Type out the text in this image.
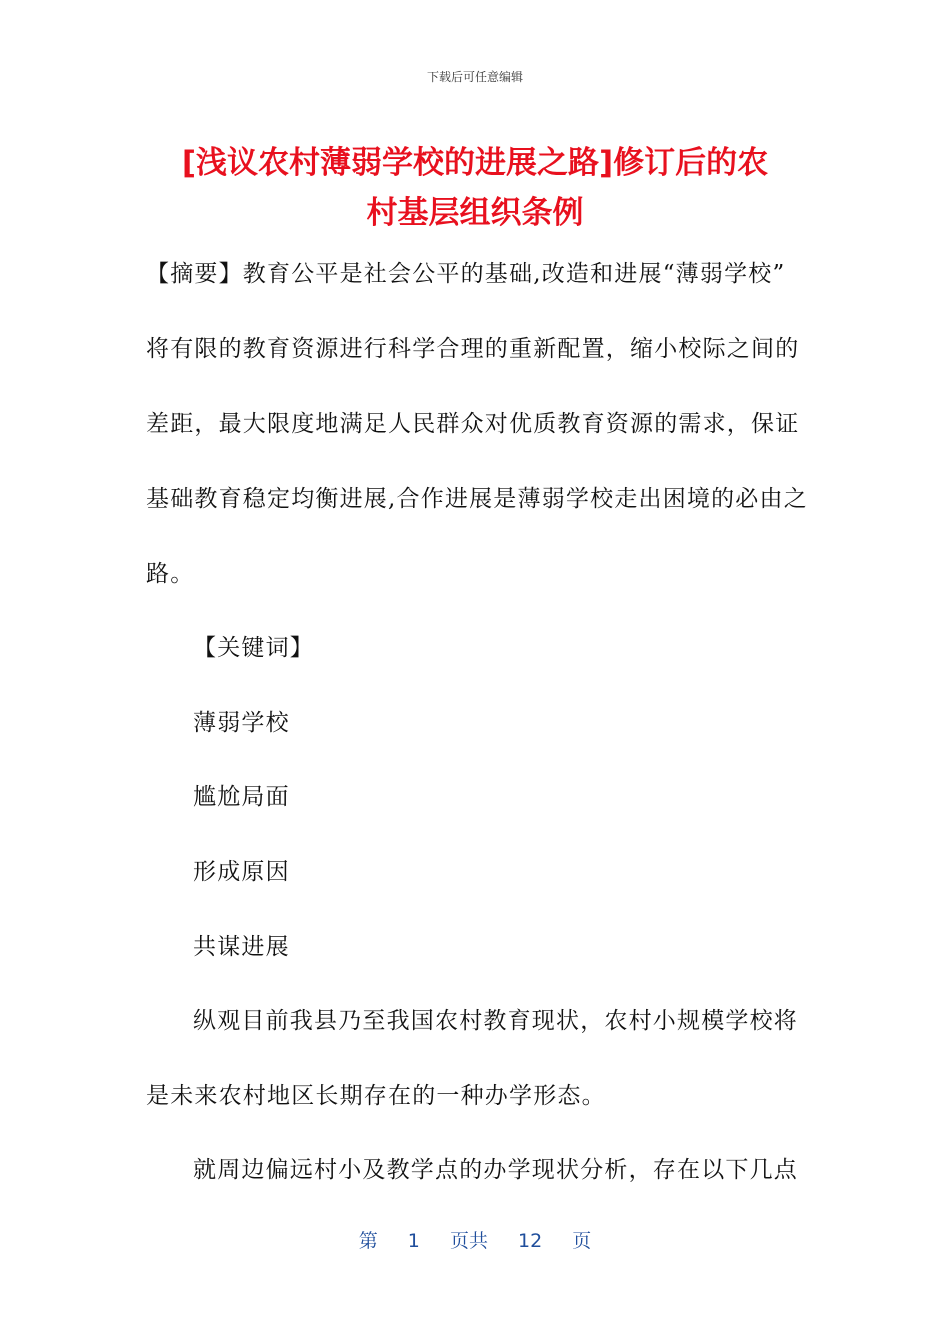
下载后可任意编辑
[浅议农村薄弱学校的进展之路]修订后的农
村基层组织条例

【摘要】教育公平是社会公平的基础,改造和进展“薄弱学校”

将有限的教育资源进行科学合理的重新配置，缩小校际之间的

差距，最大限度地满足人民群众对优质教育资源的需求，保证

基础教育稳定均衡进展,合作进展是薄弱学校走出困境的必由之

路。

【关键词】

薄弱学校

尴尬局面

形成原因

共谋进展

纵观目前我县乃至我国农村教育现状，农村小规模学校将

是未来农村地区长期存在的一种办学形态。

就周边偏远村小及教学点的办学现状分析，存在以下几点

第 1 页共 12 页
